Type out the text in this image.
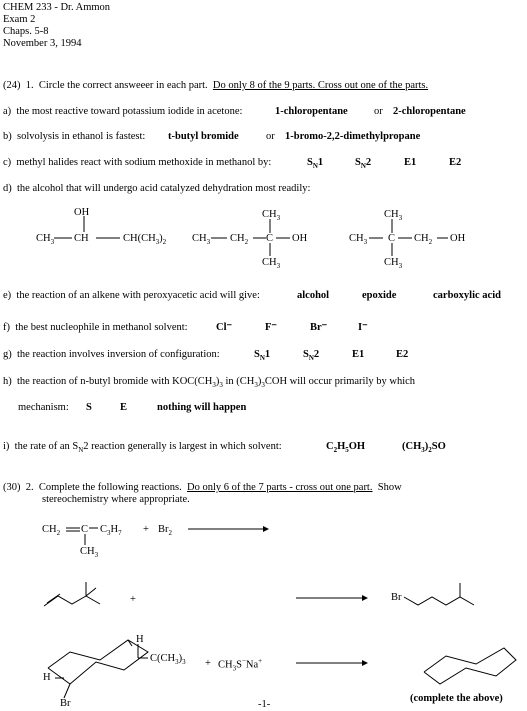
CHEM 233 - Dr. Ammon
Exam 2
Chaps. 5-8
November 3, 1994
(24) 1. Circle the correct answeeer in each part. Do only 8 of the 9 parts. Cross out one of the parts.
a) the most reactive toward potassium iodide in acetone:	1-chloropentane	or 2-chloropentane
b) solvolysis in ethanol is fastest: t-butyl bromide	or 1-bromo-2,2-dimethylpropane
c) methyl halides react with sodium methoxide in methanol by:	$S_N1$	$S_N2$	E1	E2
d) the alcohol that will undergo acid catalyzed dehydration most readily:
OH
$CH_3$ CH	$CH(CH_3)_2$
$CH_3$
$CH_3$ $CH_2$ C OH
$CH_3$
$CH_3$
$CH_3$ C $CH_2$ OH
$CH_3$
e) the reaction of an alkene with peroxyacetic acid will give:	alcohol	epoxide	carboxylic acid
f) the best nucleophile in methanol solvent:	Cl⁻	F⁻	Br⁻	I⁻
g) the reaction involves inversion of configuration:	$S_N1$	$S_N2$	E1	E2
h)  the reaction of n-butyl bromide with $KOC(CH_3)_3$ in $(CH_3)_3COH$ will occur primarily by which
mechanism: S	E	nothing will happen
i)  the rate of an $S_N2$ reaction generally is largest in which solvent:	$C_2H_5OH$	$(CH_3)_2SO$
(30) 2. Complete the following reactions. Do only 6 of the 7 parts - cross out one part. Show
stereochemistry where appropriate.
$CH_2$ C $C_3H_7 + Br_2$
$CH_3$
+	Br
H
$C(CH_3)_3 + CH_3S^-Na^+$
H
Br	(complete the above)
-1-
